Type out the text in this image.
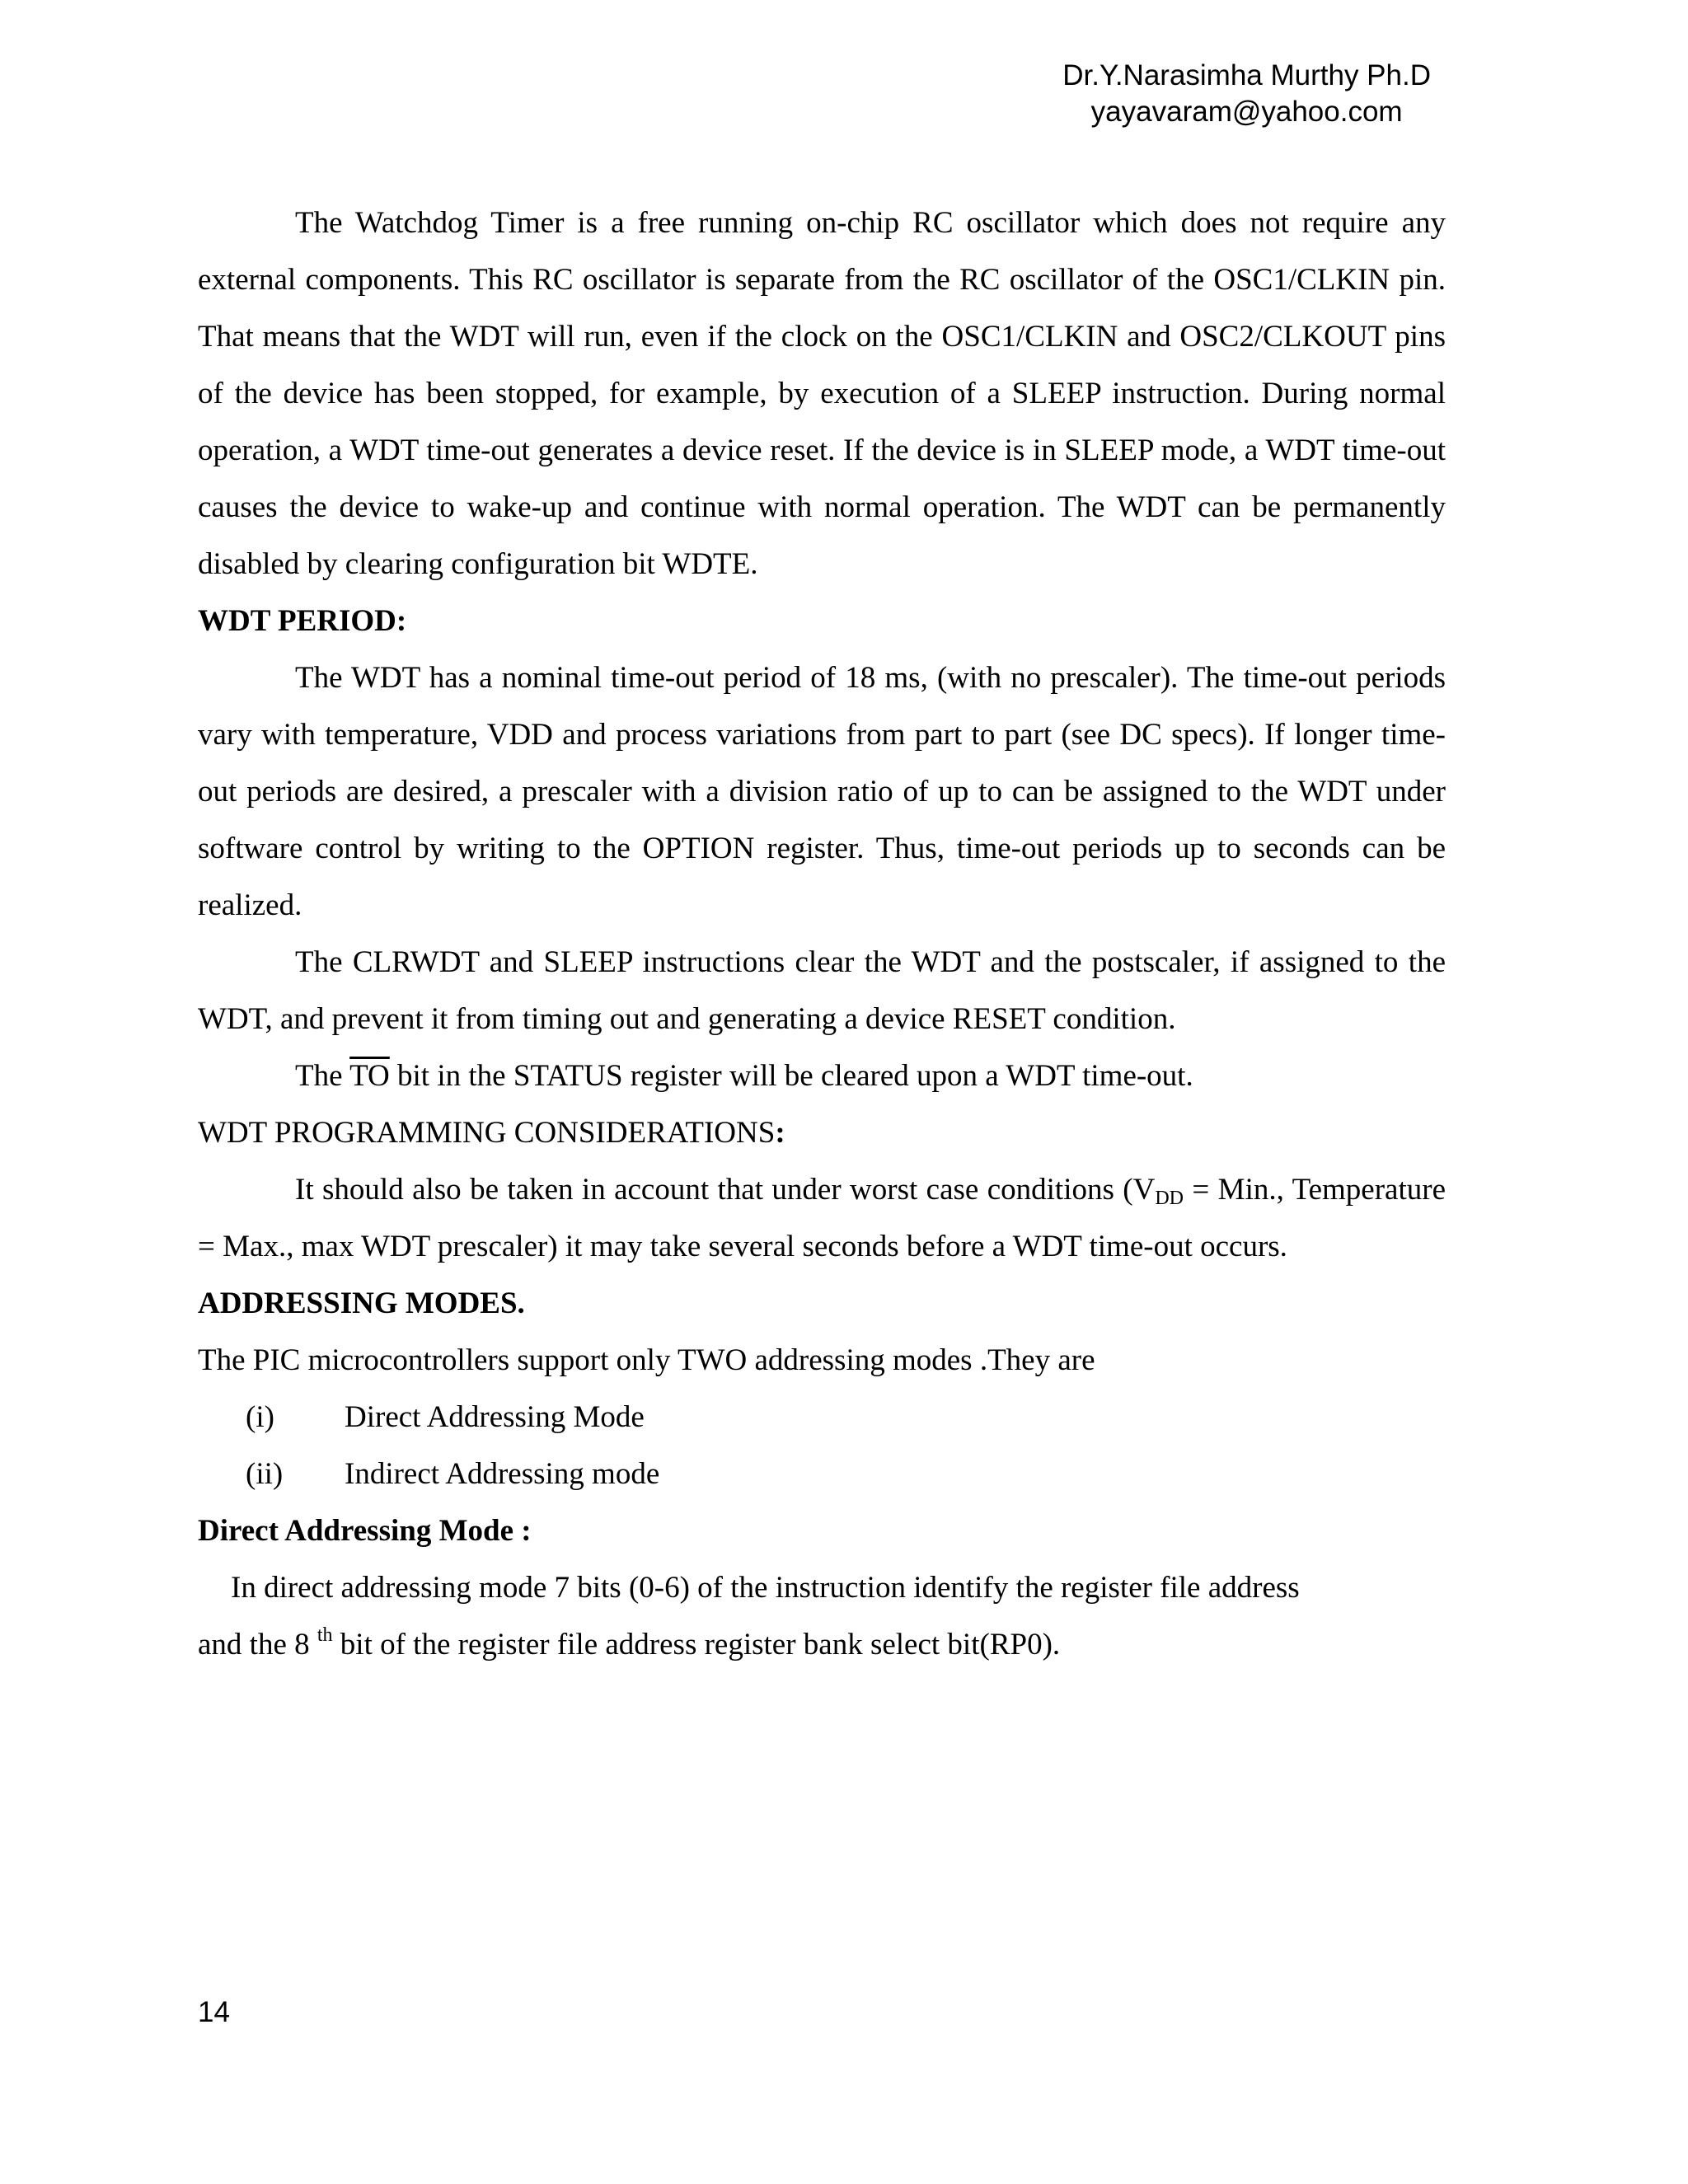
Dr.Y.Narasimha Murthy Ph.D
yayavaram@yahoo.com

The Watchdog Timer is a free running on-chip RC oscillator which does not require any external components. This RC oscillator is separate from the RC oscillator of the OSC1/CLKIN pin. That means that the WDT will run, even if the clock on the OSC1/CLKIN and OSC2/CLKOUT pins of the device has been stopped, for example, by execution of a SLEEP instruction. During normal operation, a WDT time-out generates a device reset. If the device is in SLEEP mode, a WDT time-out causes the device to wake-up and continue with normal operation. The WDT can be permanently disabled by clearing configuration bit WDTE.

WDT PERIOD:

The WDT has a nominal time-out period of 18 ms, (with no prescaler). The time-out periods vary with temperature, VDD and process variations from part to part (see DC specs). If longer time-out periods are desired, a prescaler with a division ratio of up to can be assigned to the WDT under software control by writing to the OPTION register. Thus, time-out periods up to seconds can be realized.

The CLRWDT and SLEEP instructions clear the WDT and the postscaler, if assigned to the WDT, and prevent it from timing out and generating a device RESET condition.

The $\overline{TO}$ bit in the STATUS register will be cleared upon a WDT time-out.

WDT PROGRAMMING CONSIDERATIONS:

It should also be taken in account that under worst case conditions ($V_{DD}$ = Min., Temperature = Max., max WDT prescaler) it may take several seconds before a WDT time-out occurs.

ADDRESSING MODES.

The PIC microcontrollers support only TWO addressing modes .They are

(i)	Direct Addressing Mode
(ii)	Indirect Addressing mode

Direct Addressing Mode :

In direct addressing mode 7 bits (0-6) of the instruction identify the register file address

and the 8 $^{th}$ bit of the register file address register bank select bit(RP0).

14
